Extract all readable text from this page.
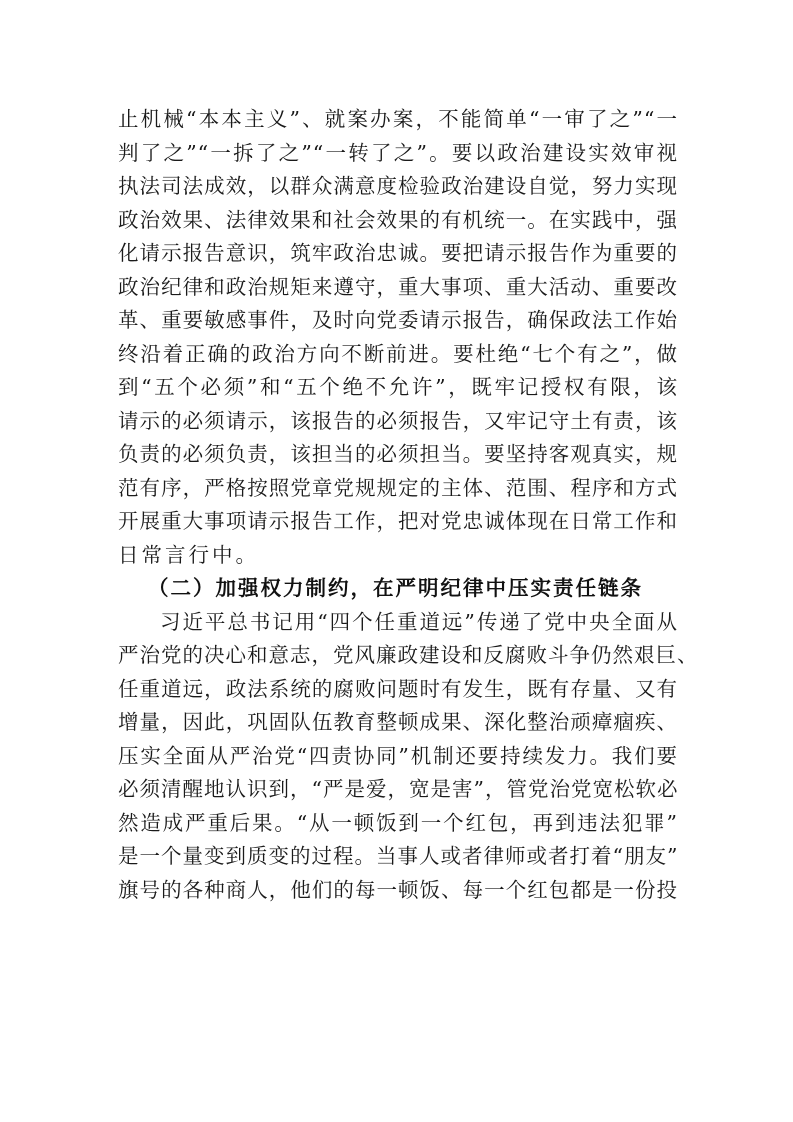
止机械“本本主义”、就案办案，不能简单“一审了之”“一
判了之”“一拆了之”“一转了之”。要以政治建设实效审视
执法司法成效，以群众满意度检验政治建设自觉，努力实现
政治效果、法律效果和社会效果的有机统一。在实践中，强
化请示报告意识，筑牢政治忠诚。要把请示报告作为重要的
政治纪律和政治规矩来遵守，重大事项、重大活动、重要改
革、重要敏感事件，及时向党委请示报告，确保政法工作始
终沿着正确的政治方向不断前进。要杜绝“七个有之”，做
到“五个必须”和“五个绝不允许”，既牢记授权有限，该
请示的必须请示，该报告的必须报告，又牢记守土有责，该
负责的必须负责，该担当的必须担当。要坚持客观真实，规
范有序，严格按照党章党规规定的主体、范围、程序和方式
开展重大事项请示报告工作，把对党忠诚体现在日常工作和
日常言行中。
（二）加强权力制约，在严明纪律中压实责任链条
习近平总书记用“四个任重道远”传递了党中央全面从
严治党的决心和意志，党风廉政建设和反腐败斗争仍然艰巨、
任重道远，政法系统的腐败问题时有发生，既有存量、又有
增量，因此，巩固队伍教育整顿成果、深化整治顽瘴痼疾、
压实全面从严治党“四责协同”机制还要持续发力。我们要
必须清醒地认识到，“严是爱，宽是害”，管党治党宽松软必
然造成严重后果。“从一顿饭到一个红包，再到违法犯罪”
是一个量变到质变的过程。当事人或者律师或者打着“朋友”
旗号的各种商人，他们的每一顿饭、每一个红包都是一份投
